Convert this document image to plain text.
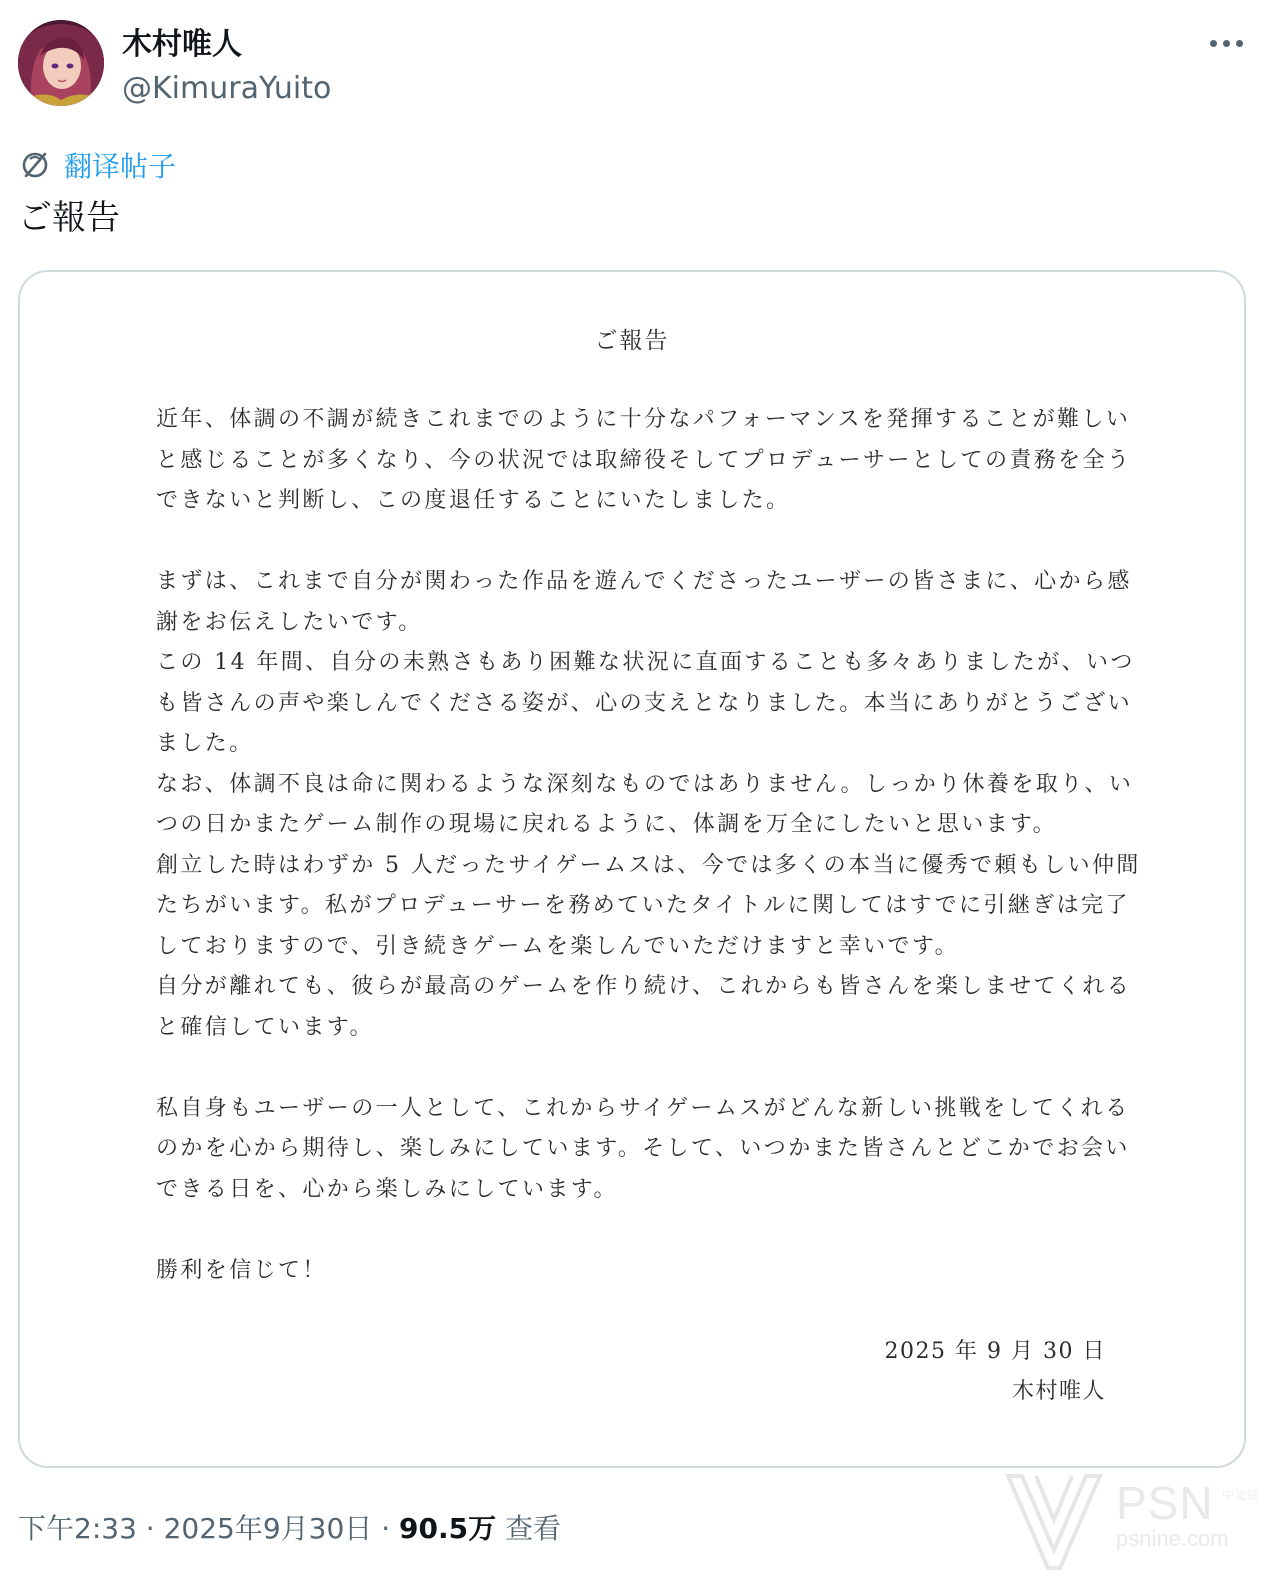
木村唯人
@KimuraYuito
翻译帖子
ご報告
ご報告
近年、体調の不調が続きこれまでのように十分なパフォーマンスを発揮することが難しい
と感じることが多くなり、今の状況では取締役そしてプロデューサーとしての責務を全う
できないと判断し、この度退任することにいたしました。
まずは、これまで自分が関わった作品を遊んでくださったユーザーの皆さまに、心から感
謝をお伝えしたいです。
この 14 年間、自分の未熟さもあり困難な状況に直面することも多々ありましたが、いつ
も皆さんの声や楽しんでくださる姿が、心の支えとなりました。本当にありがとうござい
ました。
なお、体調不良は命に関わるような深刻なものではありません。しっかり休養を取り、い
つの日かまたゲーム制作の現場に戻れるように、体調を万全にしたいと思います。
創立した時はわずか 5 人だったサイゲームスは、今では多くの本当に優秀で頼もしい仲間
たちがいます。私がプロデューサーを務めていたタイトルに関してはすでに引継ぎは完了
しておりますので、引き続きゲームを楽しんでいただけますと幸いです。
自分が離れても、彼らが最高のゲームを作り続け、これからも皆さんを楽しませてくれる
と確信しています。
私自身もユーザーの一人として、これからサイゲームスがどんな新しい挑戦をしてくれる
のかを心から期待し、楽しみにしています。そして、いつかまた皆さんとどこかでお会い
できる日を、心から楽しみにしています。
勝利を信じて！
2025 年 9 月 30 日
木村唯人
下午2:33 · 2025年9月30日 · 90.5万 查看	PSN 中文站
psnine.com
